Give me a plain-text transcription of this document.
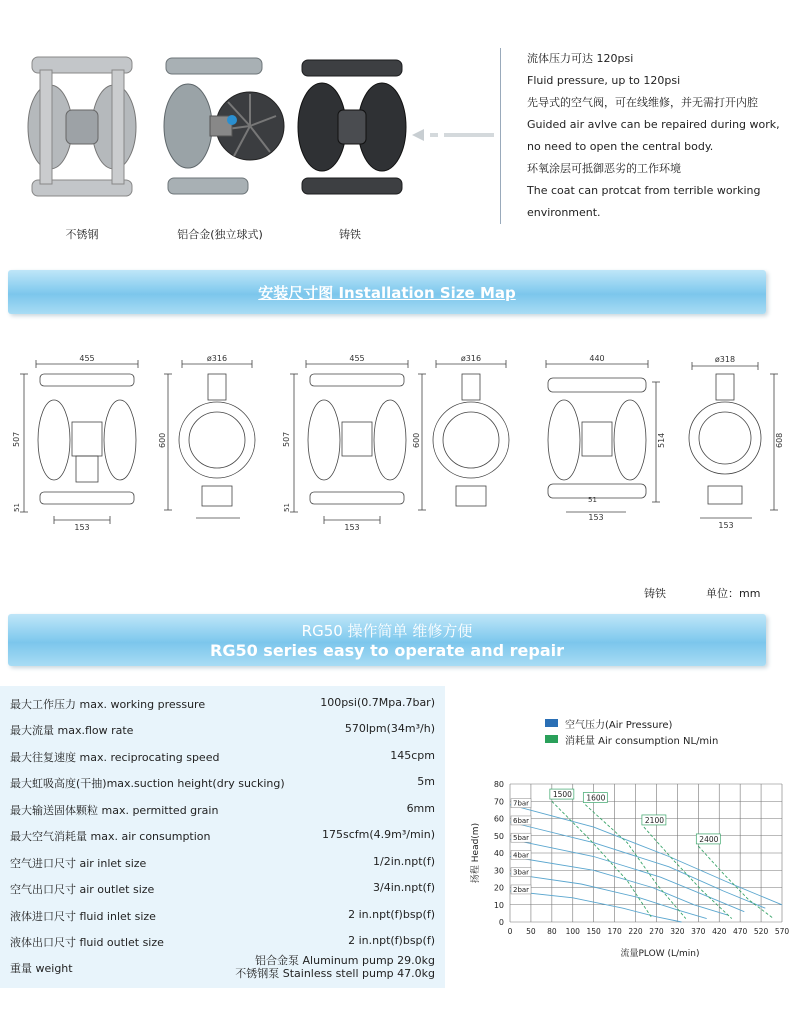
不锈钢	铝合金(独立球式)	铸铁
流体压力可达 120psi
Fluid pressure, up to 120psi
先导式的空气阀，可在线维修，并无需打开内腔
Guided air avlve can be repaired during work,
no need to open the central body.
环氧涂层可抵御恶劣的工作环境
The coat can protcat from terrible working
environment.
安装尺寸图 Installation Size Map
455
507
51
153
ø316
600
455
507
51
153
ø316
600
440
514
51
153
ø318
608
153
铸铁	单位：mm
RG50 操作简单 维修方便
RG50 series easy to operate and repair
最大工作压力 max. working pressure	100psi(0.7Mpa.7bar)
最大流量 max.flow rate	570lpm(34m³/h)
最大往复速度 max. reciprocating speed	145cpm
最大虹吸高度(干抽)max.suction height(dry sucking)	5m
最大输送固体颗粒 max. permitted grain	6mm
最大空气消耗量 max. air consumption	175scfm(4.9m³/min)
空气进口尺寸 air inlet size	1/2in.npt(f)
空气出口尺寸 air outlet size	3/4in.npt(f)
液体进口尺寸 fluid inlet size	2 in.npt(f)bsp(f)
液体出口尺寸 fluid outlet size	2 in.npt(f)bsp(f)
重量 weight
铝合金泵 Aluminum pump 29.0kg
不锈钢泵 Stainless stell pump 47.0kg
空气压力(Air Pressure)
消耗量 Air consumption NL/min
0
10
20
30
40
50
60
70
80
0 50 80 100 150 170 220 270 320 370 420 470 520 570
流量PLOW (L/min)
扬程 Head(m)
7bar
6bar
5bar
4bar
3bar
2bar
1500 1600
2100
2400
